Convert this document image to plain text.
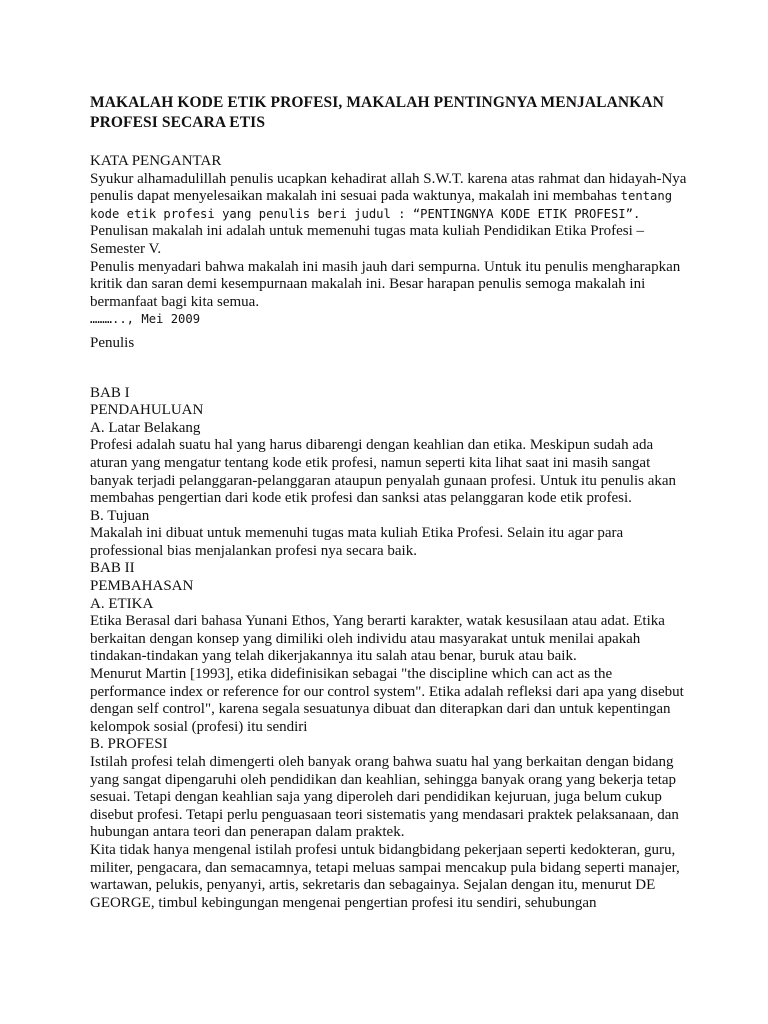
MAKALAH KODE ETIK PROFESI, MAKALAH PENTINGNYA MENJALANKAN PROFESI SECARA ETIS
KATA PENGANTAR
Syukur alhamadulillah penulis ucapkan kehadirat allah S.W.T. karena atas rahmat dan hidayah-Nya penulis dapat menyelesaikan makalah ini sesuai pada waktunya, makalah ini membahas tentang kode etik profesi yang penulis beri judul : “PENTINGNYA KODE ETIK PROFESI”.
Penulisan makalah ini adalah untuk memenuhi tugas mata kuliah Pendidikan Etika Profesi – Semester V.
Penulis menyadari bahwa makalah ini masih jauh dari sempurna. Untuk itu penulis mengharapkan kritik dan saran demi kesempurnaan makalah ini. Besar harapan penulis semoga makalah ini bermanfaat bagi kita semua.
……….., Mei 2009
Penulis
BAB I
PENDAHULUAN
A. Latar Belakang
Profesi adalah suatu hal yang harus dibarengi dengan keahlian dan etika. Meskipun sudah ada aturan yang mengatur tentang kode etik profesi, namun seperti kita lihat saat ini masih sangat banyak terjadi pelanggaran-pelanggaran ataupun penyalah gunaan profesi. Untuk itu penulis akan membahas pengertian dari kode etik profesi dan sanksi atas pelanggaran kode etik profesi.
B. Tujuan
Makalah ini dibuat untuk memenuhi tugas mata kuliah Etika Profesi. Selain itu agar para professional bias menjalankan profesi nya secara baik.
BAB II
PEMBAHASAN
A. ETIKA
Etika Berasal dari bahasa Yunani Ethos, Yang berarti karakter, watak kesusilaan atau adat. Etika berkaitan dengan konsep yang dimiliki oleh individu atau masyarakat untuk menilai apakah tindakan-tindakan yang telah dikerjakannya itu salah atau benar, buruk atau baik.
Menurut Martin [1993], etika didefinisikan sebagai "the discipline which can act as the performance index or reference for our control system". Etika adalah refleksi dari apa yang disebut dengan self control", karena segala sesuatunya dibuat dan diterapkan dari dan untuk kepentingan kelompok sosial (profesi) itu sendiri
B. PROFESI
Istilah profesi telah dimengerti oleh banyak orang bahwa suatu hal yang berkaitan dengan bidang yang sangat dipengaruhi oleh pendidikan dan keahlian, sehingga banyak orang yang bekerja tetap sesuai. Tetapi dengan keahlian saja yang diperoleh dari pendidikan kejuruan, juga belum cukup disebut profesi. Tetapi perlu penguasaan teori sistematis yang mendasari praktek pelaksanaan, dan hubungan antara teori dan penerapan dalam praktek.
Kita tidak hanya mengenal istilah profesi untuk bidangbidang pekerjaan seperti kedokteran, guru, militer, pengacara, dan semacamnya, tetapi meluas sampai mencakup pula bidang seperti manajer, wartawan, pelukis, penyanyi, artis, sekretaris dan sebagainya. Sejalan dengan itu, menurut DE GEORGE, timbul kebingungan mengenai pengertian profesi itu sendiri, sehubungan
